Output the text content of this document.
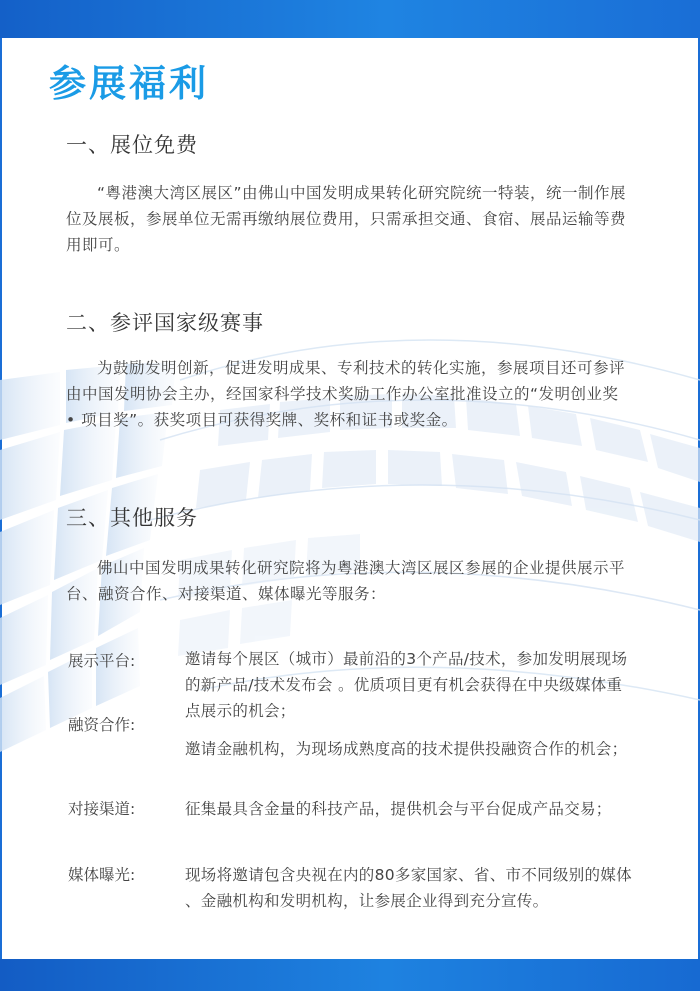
参展福利
一、展位免费

“粤港澳大湾区展区”由佛山中国发明成果转化研究院统一特装，统一制作展位及展板，参展单位无需再缴纳展位费用，只需承担交通、食宿、展品运输等费用即可。

二、参评国家级赛事

为鼓励发明创新，促进发明成果、专利技术的转化实施，参展项目还可参评由中国发明协会主办，经国家科学技术奖励工作办公室批准设立的“发明创业奖 • 项目奖”。获奖项目可获得奖牌、奖杯和证书或奖金。

三、其他服务

佛山中国发明成果转化研究院将为粤港澳大湾区展区参展的企业提供展示平台、融资合作、对接渠道、媒体曝光等服务：

展示平台:	邀请每个展区（城市）最前沿的3个产品/技术，参加发明展现场的新产品/技术发布会 。优质项目更有机会获得在中央级媒体重点展示的机会；
融资合作:
邀请金融机构，为现场成熟度高的技术提供投融资合作的机会；
对接渠道:	征集最具含金量的科技产品，提供机会与平台促成产品交易；
媒体曝光:	现场将邀请包含央视在内的80多家国家、省、市不同级别的媒体 、金融机构和发明机构，让参展企业得到充分宣传。
